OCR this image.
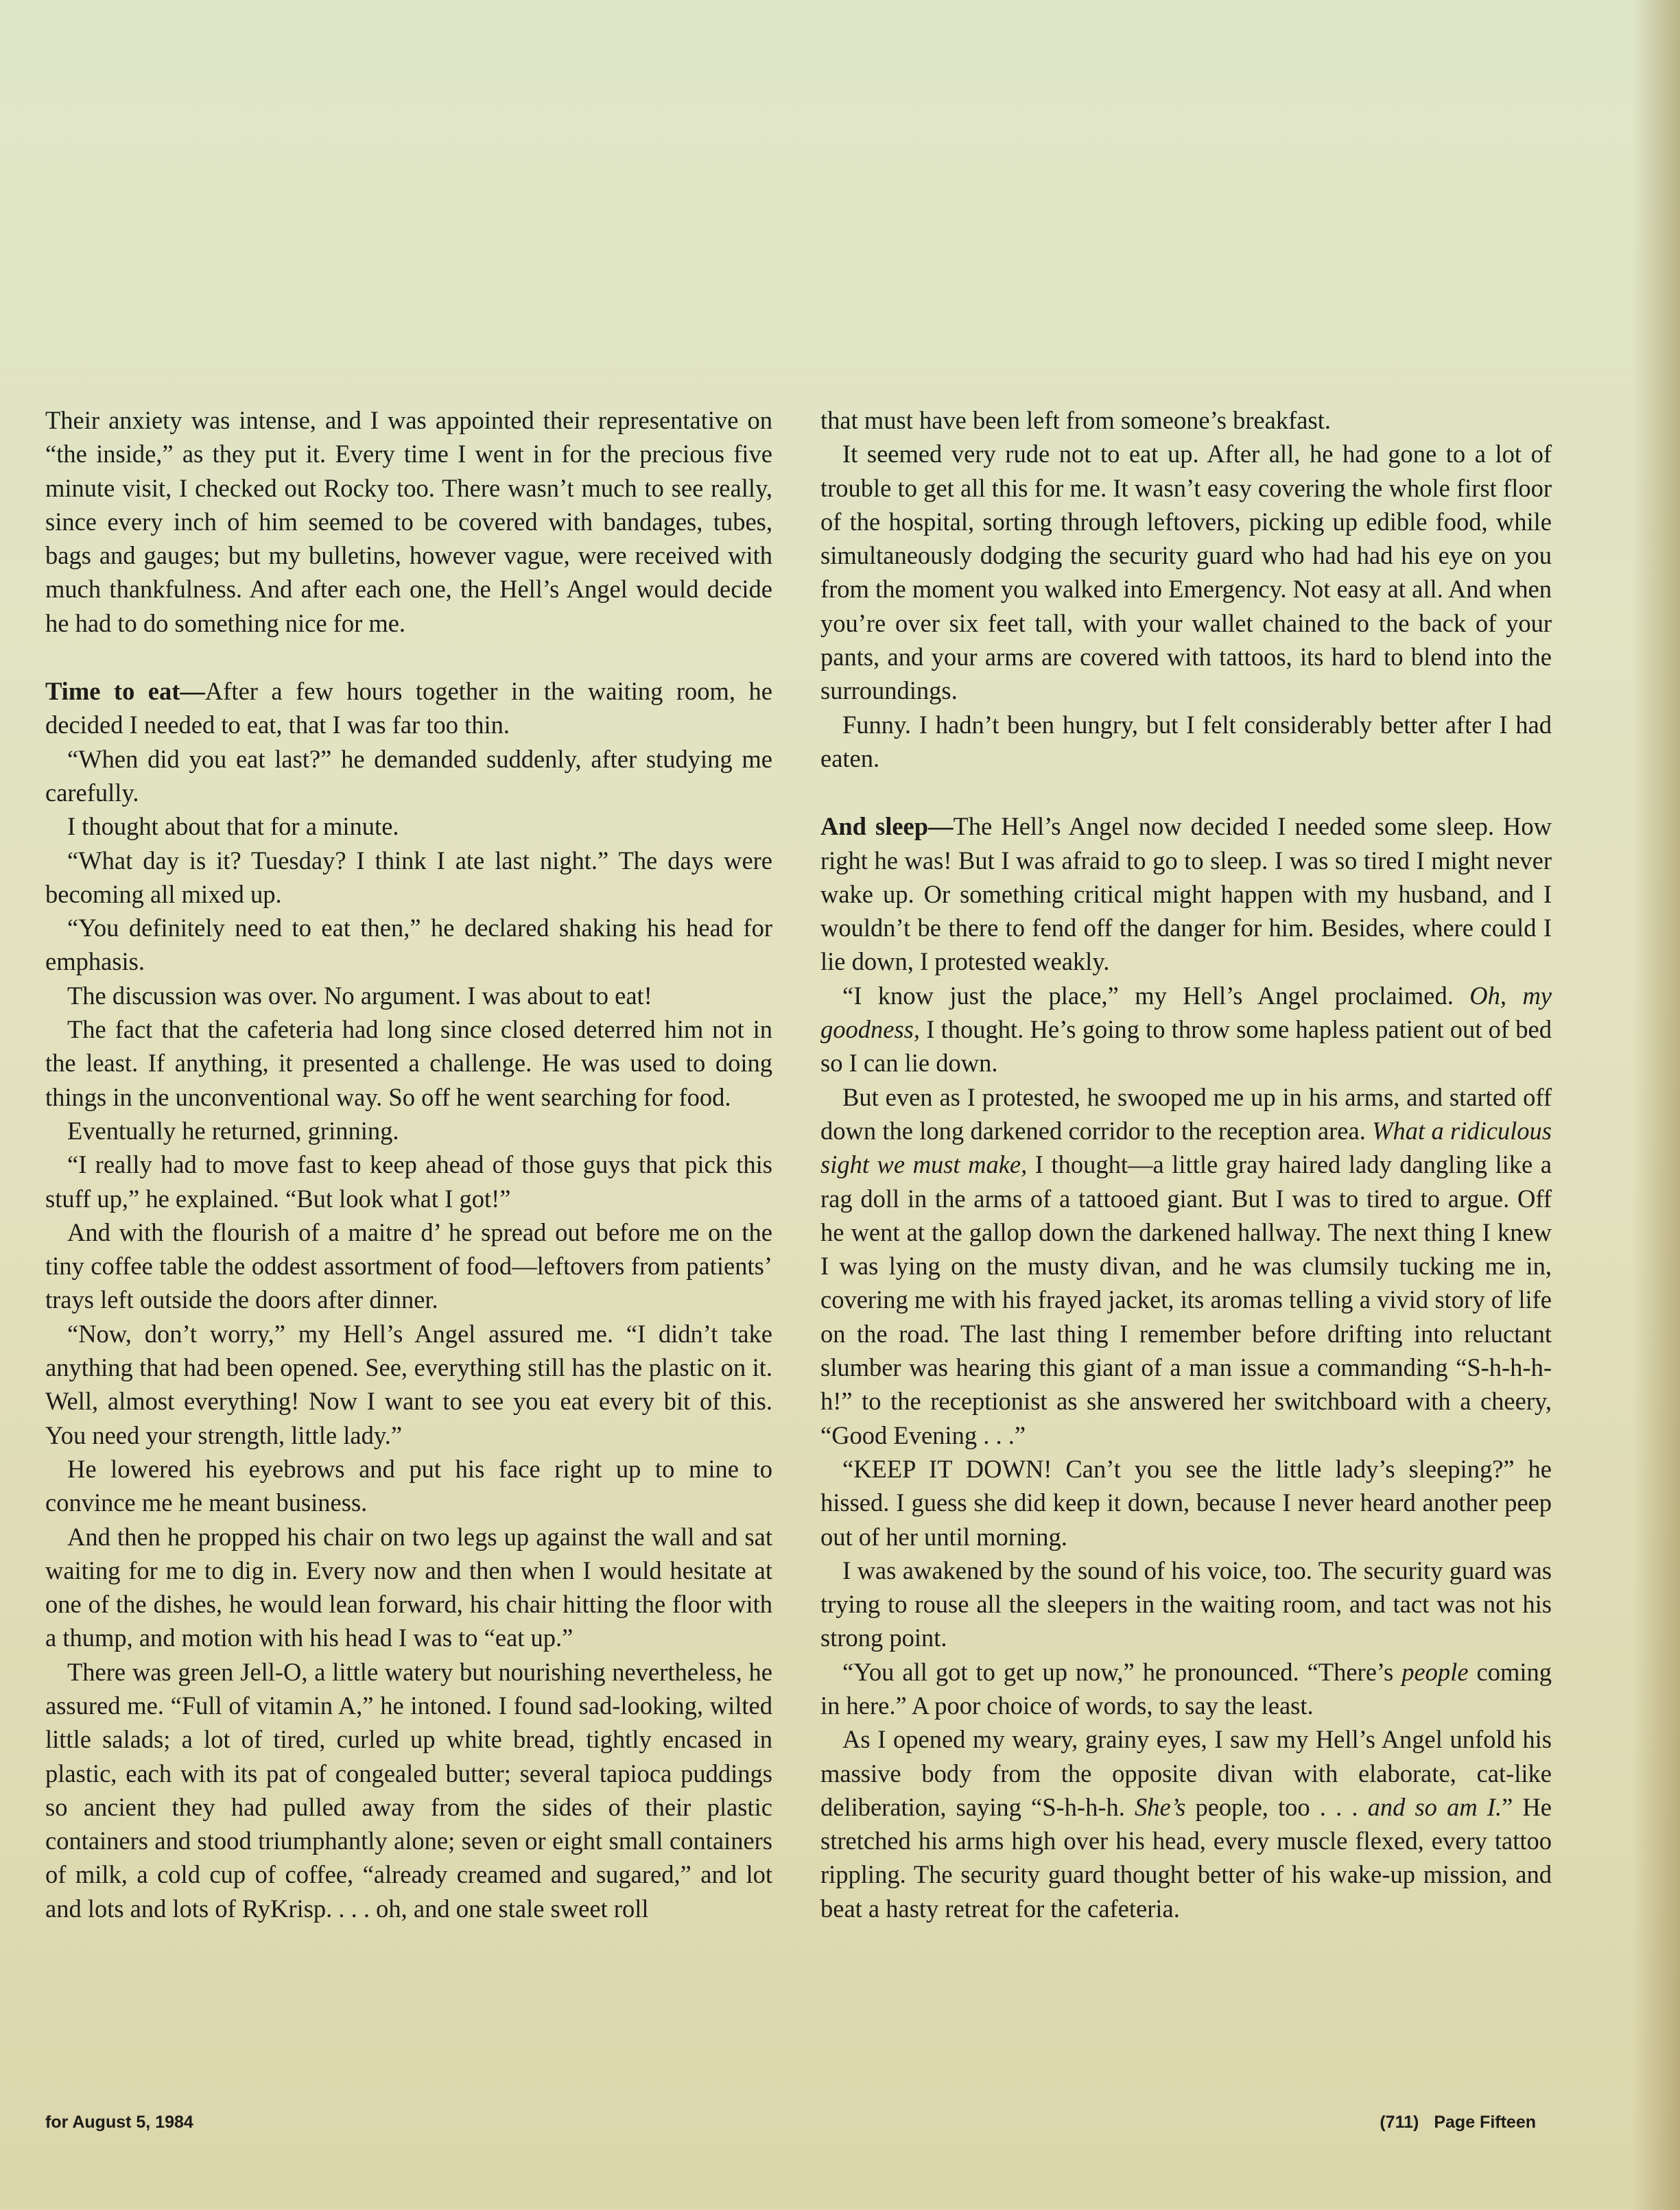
Their anxiety was intense, and I was appointed their representative on “the inside,” as they put it. Every time I went in for the precious five minute visit, I checked out Rocky too. There wasn’t much to see really, since every inch of him seemed to be covered with bandages, tubes, bags and gauges; but my bulletins, however vague, were received with much thankfulness. And after each one, the Hell’s Angel would decide he had to do something nice for me.

Time to eat—After a few hours together in the waiting room, he decided I needed to eat, that I was far too thin.

“When did you eat last?” he demanded suddenly, after studying me carefully.

I thought about that for a minute.

“What day is it? Tuesday? I think I ate last night.” The days were becoming all mixed up.

“You definitely need to eat then,” he declared shaking his head for emphasis.

The discussion was over. No argument. I was about to eat!

The fact that the cafeteria had long since closed deterred him not in the least. If anything, it presented a challenge. He was used to doing things in the unconventional way. So off he went searching for food.

Eventually he returned, grinning.

“I really had to move fast to keep ahead of those guys that pick this stuff up,” he explained. “But look what I got!”

And with the flourish of a maitre d’ he spread out before me on the tiny coffee table the oddest assortment of food—leftovers from patients’ trays left outside the doors after dinner.

“Now, don’t worry,” my Hell’s Angel assured me. “I didn’t take anything that had been opened. See, everything still has the plastic on it. Well, almost everything! Now I want to see you eat every bit of this. You need your strength, little lady.”

He lowered his eyebrows and put his face right up to mine to convince me he meant business.

And then he propped his chair on two legs up against the wall and sat waiting for me to dig in. Every now and then when I would hesitate at one of the dishes, he would lean forward, his chair hitting the floor with a thump, and motion with his head I was to “eat up.”

There was green Jell-O, a little watery but nourishing nevertheless, he assured me. “Full of vitamin A,” he intoned. I found sad-looking, wilted little salads; a lot of tired, curled up white bread, tightly encased in plastic, each with its pat of congealed butter; several tapioca puddings so ancient they had pulled away from the sides of their plastic containers and stood triumphantly alone; seven or eight small containers of milk, a cold cup of coffee, “already creamed and sugared,” and lot and lots and lots of RyKrisp. . . . oh, and one stale sweet roll

that must have been left from someone’s breakfast.

It seemed very rude not to eat up. After all, he had gone to a lot of trouble to get all this for me. It wasn’t easy covering the whole first floor of the hospital, sorting through leftovers, picking up edible food, while simultaneously dodging the security guard who had had his eye on you from the moment you walked into Emergency. Not easy at all. And when you’re over six feet tall, with your wallet chained to the back of your pants, and your arms are covered with tattoos, its hard to blend into the surroundings.

Funny. I hadn’t been hungry, but I felt considerably better after I had eaten.

And sleep—The Hell’s Angel now decided I needed some sleep. How right he was! But I was afraid to go to sleep. I was so tired I might never wake up. Or something critical might happen with my husband, and I wouldn’t be there to fend off the danger for him. Besides, where could I lie down, I protested weakly.

“I know just the place,” my Hell’s Angel proclaimed. Oh, my goodness, I thought. He’s going to throw some hapless patient out of bed so I can lie down.

But even as I protested, he swooped me up in his arms, and started off down the long darkened corridor to the reception area. What a ridiculous sight we must make, I thought—a little gray haired lady dangling like a rag doll in the arms of a tattooed giant. But I was to tired to argue. Off he went at the gallop down the darkened hallway. The next thing I knew I was lying on the musty divan, and he was clumsily tucking me in, covering me with his frayed jacket, its aromas telling a vivid story of life on the road. The last thing I remember before drifting into reluctant slumber was hearing this giant of a man issue a commanding “S-h-h-h-h!” to the receptionist as she answered her switchboard with a cheery, “Good Evening . . .”

“KEEP IT DOWN! Can’t you see the little lady’s sleeping?” he hissed. I guess she did keep it down, because I never heard another peep out of her until morning.

I was awakened by the sound of his voice, too. The security guard was trying to rouse all the sleepers in the waiting room, and tact was not his strong point.

“You all got to get up now,” he pronounced. “There’s people coming in here.” A poor choice of words, to say the least.

As I opened my weary, grainy eyes, I saw my Hell’s Angel unfold his massive body from the opposite divan with elaborate, cat-like deliberation, saying “S-h-h-h. She’s people, too . . . and so am I.” He stretched his arms high over his head, every muscle flexed, every tattoo rippling. The security guard thought better of his wake-up mission, and beat a hasty retreat for the cafeteria.

for August 5, 1984	(711) Page Fifteen
